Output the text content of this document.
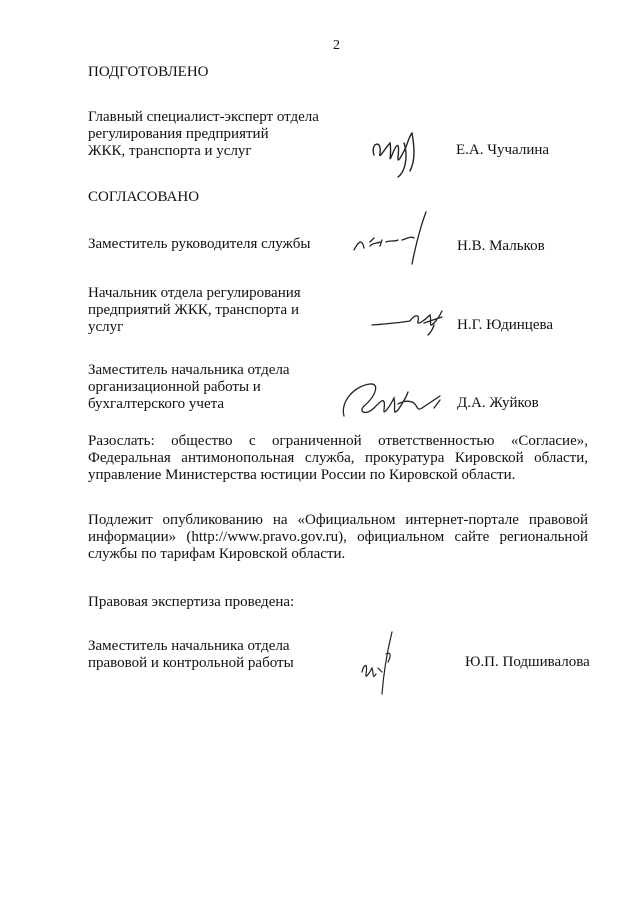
2
ПОДГОТОВЛЕНО
Главный специалист-эксперт отдела
регулирования предприятий
ЖКК, транспорта и услуг	Е.А. Чучалина
СОГЛАСОВАНО
Заместитель руководителя службы	Н.В. Мальков
Начальник отдела регулирования
предприятий ЖКК, транспорта и
услуг	Н.Г. Юдинцева
Заместитель начальника отдела
организационной работы и
бухгалтерского учета	Д.А. Жуйков
Разослать: общество с ограниченной ответственностью «Согласие»,
Федеральная антимонопольная служба, прокуратура Кировской области,
управление Министерства юстиции России по Кировской области.
Подлежит опубликованию на «Официальном интернет-портале правовой
информации» (http://www.pravo.gov.ru), официальном сайте региональной
службы по тарифам Кировской области.
Правовая экспертиза проведена:
Заместитель начальника отдела
правовой и контрольной работы	Ю.П. Подшивалова
